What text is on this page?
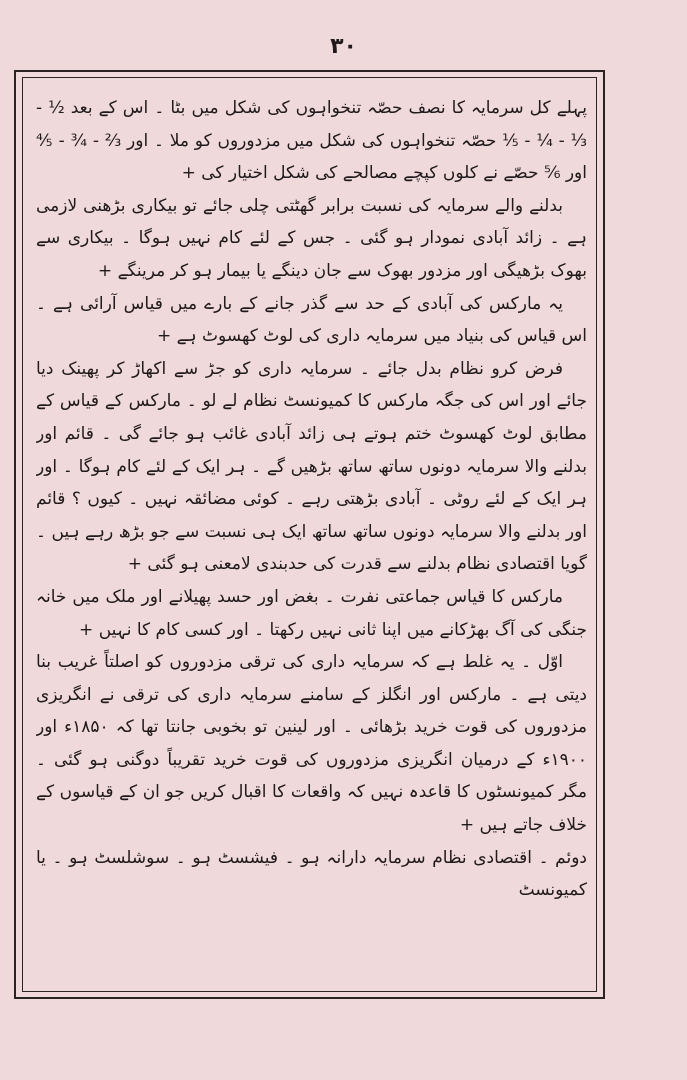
۳۰

پہلے کل سرمایہ کا نصف حصّہ تنخواہوں کی شکل میں بٹا ۔ اس کے بعد ½ - ⅓ - ¼ - ⅕ حصّہ تنخواہوں کی شکل میں مزدوروں کو ملا ۔ اور ⅔ - ¾ - ⅘ اور ⅚ حصّے نے کلوں کپچے مصالحے کی شکل اختیار کی +

بدلنے والے سرمایہ کی نسبت برابر گھٹتی چلی جائے تو بیکاری بڑھنی لازمی ہے ۔ زائد آبادی نمودار ہو گئی ۔ جس کے لئے کام نہیں ہوگا ۔ بیکاری سے بھوک بڑھیگی اور مزدور بھوک سے جان دینگے یا بیمار ہو کر مرینگے +

یہ مارکس کی آبادی کے حد سے گذر جانے کے بارے میں قیاس آرائی ہے ۔ اس قیاس کی بنیاد میں سرمایہ داری کی لوٹ کھسوٹ ہے +

فرض کرو نظام بدل جائے ۔ سرمایہ داری کو جڑ سے اکھاڑ کر پھینک دیا جائے اور اس کی جگہ مارکس کا کمیونسٹ نظام لے لو ۔ مارکس کے قیاس کے مطابق لوٹ کھسوٹ ختم ہوتے ہی زائد آبادی غائب ہو جائے گی ۔ قائم اور بدلنے والا سرمایہ دونوں ساتھ ساتھ بڑھیں گے ۔ ہر ایک کے لئے کام ہوگا ۔ اور ہر ایک کے لئے روٹی ۔ آبادی بڑھتی رہے ۔ کوئی مضائقہ نہیں ۔ کیوں ؟ قائم اور بدلنے والا سرمایہ دونوں ساتھ ساتھ ایک ہی نسبت سے جو بڑھ رہے ہیں ۔ گویا اقتصادی نظام بدلنے سے قدرت کی حدبندی لامعنی ہو گئی +

مارکس کا قیاس جماعتی نفرت ۔ بغض اور حسد پھیلانے اور ملک میں خانہ جنگی کی آگ بھڑکانے میں اپنا ثانی نہیں رکھتا ۔ اور کسی کام کا نہیں +

اوّل ۔ یہ غلط ہے کہ سرمایہ داری کی ترقی مزدوروں کو اصلتاً غریب بنا دیتی ہے ۔ مارکس اور انگلز کے سامنے سرمایہ داری کی ترقی نے انگریزی مزدوروں کی قوت خرید بڑھائی ۔ اور لینین تو بخوبی جانتا تھا کہ ۱۸۵۰ء اور ۱۹۰۰ء کے درمیان انگریزی مزدوروں کی قوت خرید تقریباً دوگنی ہو گئی ۔ مگر کمیونسٹوں کا قاعدہ نہیں کہ واقعات کا اقبال کریں جو ان کے قیاسوں کے خلاف جاتے ہیں +

دوئم ۔ اقتصادی نظام سرمایہ دارانہ ہو ۔ فیشسٹ ہو ۔ سوشلسٹ ہو ۔ یا کمیونسٹ
